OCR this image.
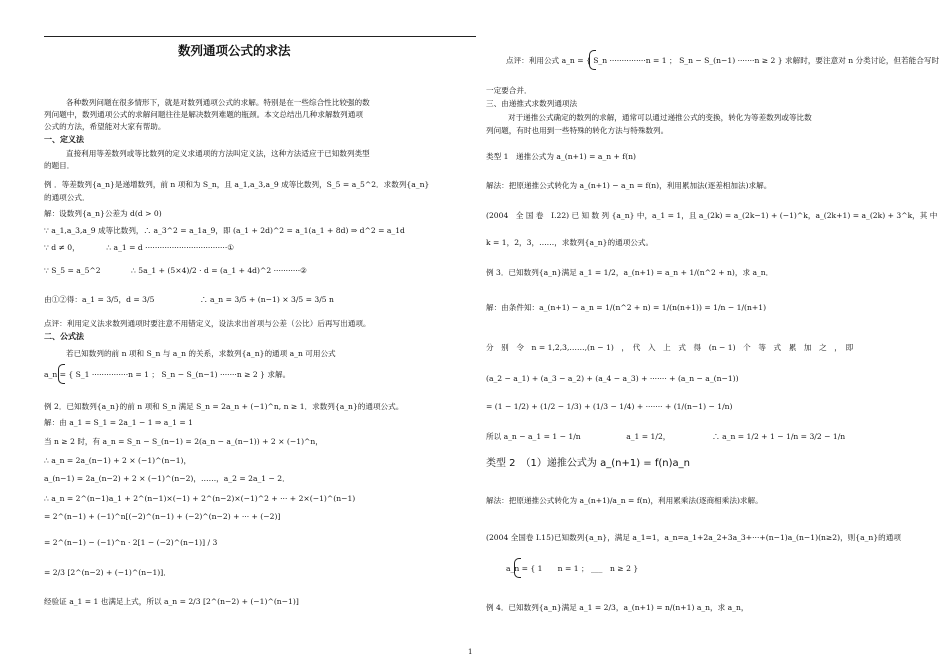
数列通项公式的求法
各种数列问题在很多情形下，就是对数列通项公式的求解。特别是在一些综合性比较强的数
列问题中，数列通项公式的求解问题往往是解决数列难题的瓶颈。本文总结出几种求解数列通项
公式的方法，希望能对大家有帮助。
一、定义法
直接利用等差数列或等比数列的定义求通项的方法叫定义法，这种方法适应于已知数列类型
的题目．
例 ．等差数列{a_n}是递增数列，前 n 项和为 S_n，且 a_1,a_3,a_9 成等比数列，S_5 = a_5^2．求数列{a_n}
的通项公式．
解：设数列{a_n}公差为 d(d > 0)
∵ a_1,a_3,a_9 成等比数列，∴ a_3^2 = a_1a_9，即 (a_1 + 2d)^2 = a_1(a_1 + 8d) ⇒ d^2 = a_1d
∵ d ≠ 0，　　　　∴ a_1 = d ··································①
∵ S_5 = a_5^2　　　　∴ 5a_1 + (5×4)/2 · d = (a_1 + 4d)^2 ···········②
由①②得：a_1 = 3/5，d = 3/5　　　　　　∴ a_n = 3/5 + (n−1) × 3/5 = 3/5 n
点评：利用定义法求数列通项时要注意不用错定义，设法求出首项与公差（公比）后再写出通项。
二、公式法
若已知数列的前 n 项和 S_n 与 a_n 的关系，求数列{a_n}的通项 a_n 可用公式
a_n = { S_1 ···············n = 1 ； S_n − S_(n−1) ·······n ≥ 2 } 求解。
例 2．已知数列{a_n}的前 n 项和 S_n 满足 S_n = 2a_n + (−1)^n, n ≥ 1．求数列{a_n}的通项公式。
解：由 a_1 = S_1 = 2a_1 − 1 ⇒ a_1 = 1
当 n ≥ 2 时，有 a_n = S_n − S_(n−1) = 2(a_n − a_(n−1)) + 2 × (−1)^n，
∴ a_n = 2a_(n−1) + 2 × (−1)^(n−1)，
a_(n−1) = 2a_(n−2) + 2 × (−1)^(n−2)，……，a_2 = 2a_1 − 2．
∴ a_n = 2^(n−1)a_1 + 2^(n−1)×(−1) + 2^(n−2)×(−1)^2 + ··· + 2×(−1)^(n−1)
= 2^(n−1) + (−1)^n[(−2)^(n−1) + (−2)^(n−2) + ··· + (−2)]
= 2^(n−1) − (−1)^n · 2[1 − (−2)^(n−1)] / 3
= 2/3 [2^(n−2) + (−1)^(n−1)]．
经验证 a_1 = 1 也满足上式，所以 a_n = 2/3 [2^(n−2) + (−1)^(n−1)]
点评：利用公式 a_n = { S_n ···············n = 1 ； S_n − S_(n−1) ·······n ≥ 2 } 求解时，要注意对 n 分类讨论，但若能合写时
一定要合并．
三、由递推式求数列通项法
对于递推公式确定的数列的求解，通常可以通过递推公式的变换，转化为等差数列或等比数
列问题，有时也用到一些特殊的转化方法与特殊数列。
类型 1　递推公式为 a_(n+1) = a_n + f(n)
解法：把原递推公式转化为 a_(n+1) − a_n = f(n)，利用累加法(逐差相加法)求解。
(2004　全 国 卷　I.22) 已 知 数 列 {a_n} 中，a_1 = 1，且 a_(2k) = a_(2k−1) + (−1)^k，a_(2k+1) = a_(2k) + 3^k，其 中
k = 1，2，3，……，求数列{a_n}的通项公式。
例 3．已知数列{a_n}满足 a_1 = 1/2，a_(n+1) = a_n + 1/(n^2 + n)，求 a_n．
解：由条件知：a_(n+1) − a_n = 1/(n^2 + n) = 1/(n(n+1)) = 1/n − 1/(n+1)
分　别　令　n = 1,2,3,……,(n − 1)　，　代　入　上　式　得　(n − 1)　个　等　式　累　加　之　，　即
(a_2 − a_1) + (a_3 − a_2) + (a_4 − a_3) + ······· + (a_n − a_(n−1))
= (1 − 1/2) + (1/2 − 1/3) + (1/3 − 1/4) + ······· + (1/(n−1) − 1/n)
所以 a_n − a_1 = 1 − 1/n　　　　　　a_1 = 1/2，　　　　　　∴ a_n = 1/2 + 1 − 1/n = 3/2 − 1/n
类型 2　（1）递推公式为 a_(n+1) = f(n)a_n
解法：把原递推公式转化为 a_(n+1)/a_n = f(n)，利用累乘法(逐商相乘法)求解。
(2004 全国卷 I.15)已知数列{a_n}，满足 a_1=1，a_n=a_1+2a_2+3a_3+···+(n−1)a_(n−1)(n≥2)，则{a_n}的通项
a_n = { 1　　n = 1 ； ___　n ≥ 2 }
例 4．已知数列{a_n}满足 a_1 = 2/3，a_(n+1) = n/(n+1) a_n，求 a_n，
1
